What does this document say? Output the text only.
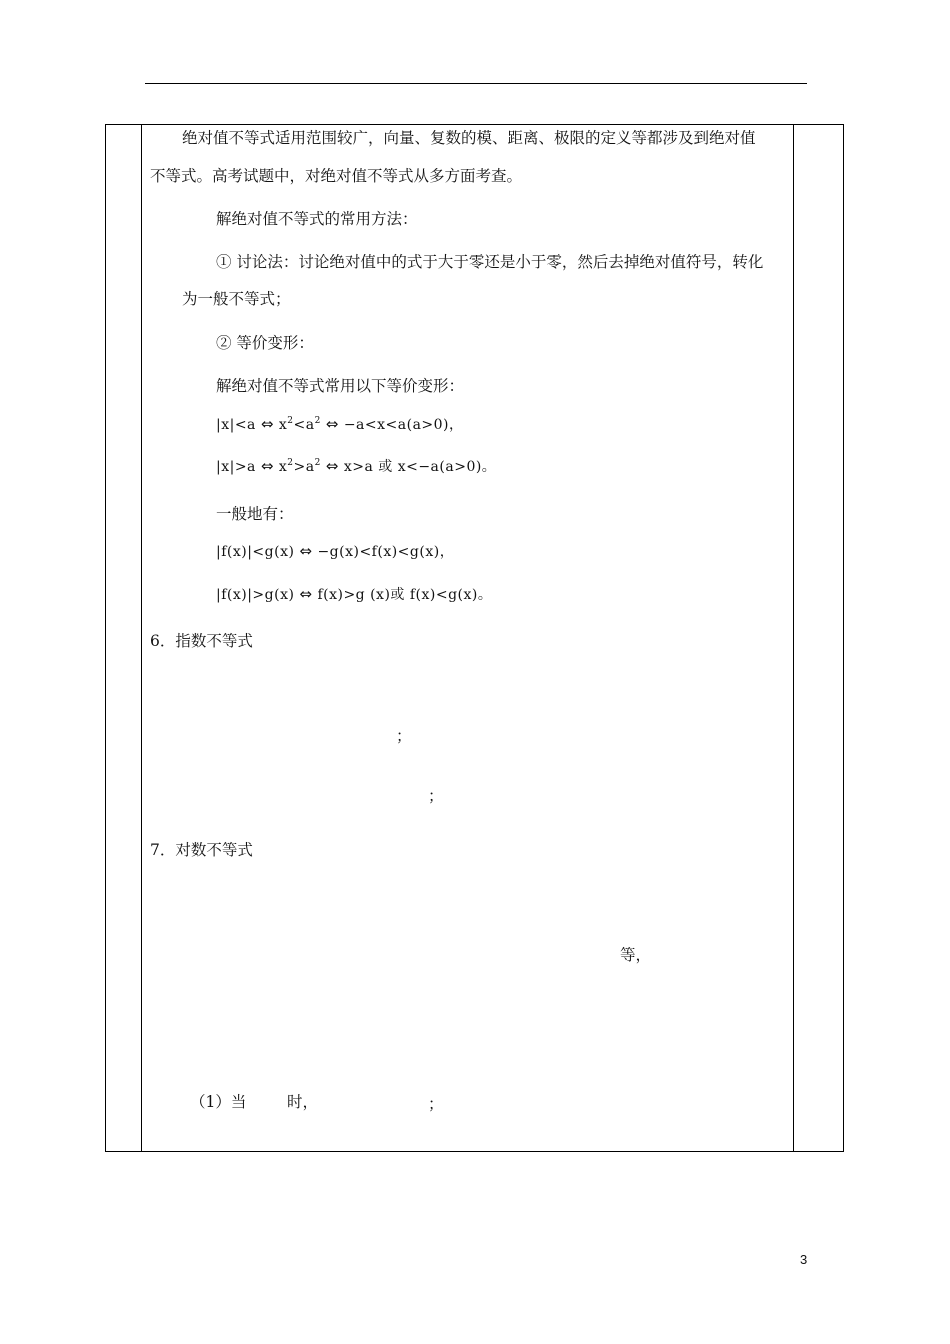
绝对值不等式适用范围较广，向量、复数的模、距离、极限的定义等都涉及到绝对值
不等式。高考试题中，对绝对值不等式从多方面考查。
解绝对值不等式的常用方法：
① 讨论法：讨论绝对值中的式于大于零还是小于零，然后去掉绝对值符号，转化
为一般不等式；
② 等价变形：
解绝对值不等式常用以下等价变形：
|x|<a ⇔ $x^2<a^2$ ⇔ −a<x<a(a>0)，
|x|>a ⇔ $x^2>a^2$ ⇔ x>a 或 x<−a(a>0)。
一般地有：
|f(x)|<g(x) ⇔ −g(x)<f(x)<g(x)，
|f(x)|>g(x) ⇔ f(x)>g (x)或 f(x)<g(x)。
6．指数不等式
；
；
7．对数不等式
等，
（1）当	时，	；
3
